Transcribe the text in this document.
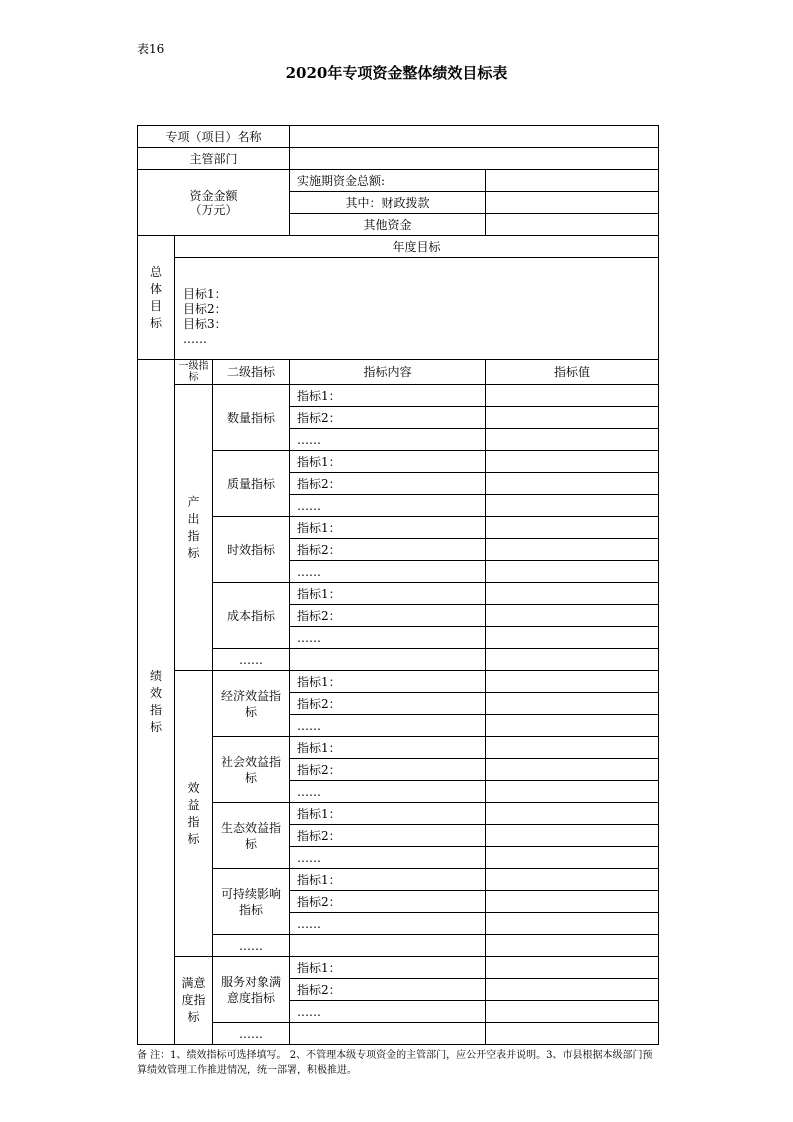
表16
2020年专项资金整体绩效目标表
专项（项目）名称				
主管部门				
资金金额
（万元）			实施期资金总额:	
			其中：财政拨款	
			其他资金	
总体目标	年度目标			

	目标1：
目标2：
目标3：
……			

绩效指标	一级指标	二级指标	指标内容	指标值
	产出指标	数量指标	指标1：	
			指标2：	
			……	
		质量指标	指标1：	
			指标2：	
			……	
		时效指标	指标1：	
			指标2：	
			……	
		成本指标	指标1：	
			指标2：	
			……	
		……		
	效益指标	经济效益指标	指标1：	
			指标2：	
			……	
		社会效益指标	指标1：	
			指标2：	
			……	
		生态效益指标	指标1：	
			指标2：	
			……	
		可持续影响指标	指标1：	
			指标2：	
			……	
		……		
	满意度指标	服务对象满意度指标	指标1：	
			指标2：	
			……	
		……		
备 注：1、绩效指标可选择填写。 2、不管理本级专项资金的主管部门，应公开空表并说明。3、市县根据本级部门预算绩效管理工作推进情况，统一部署，积极推进。
